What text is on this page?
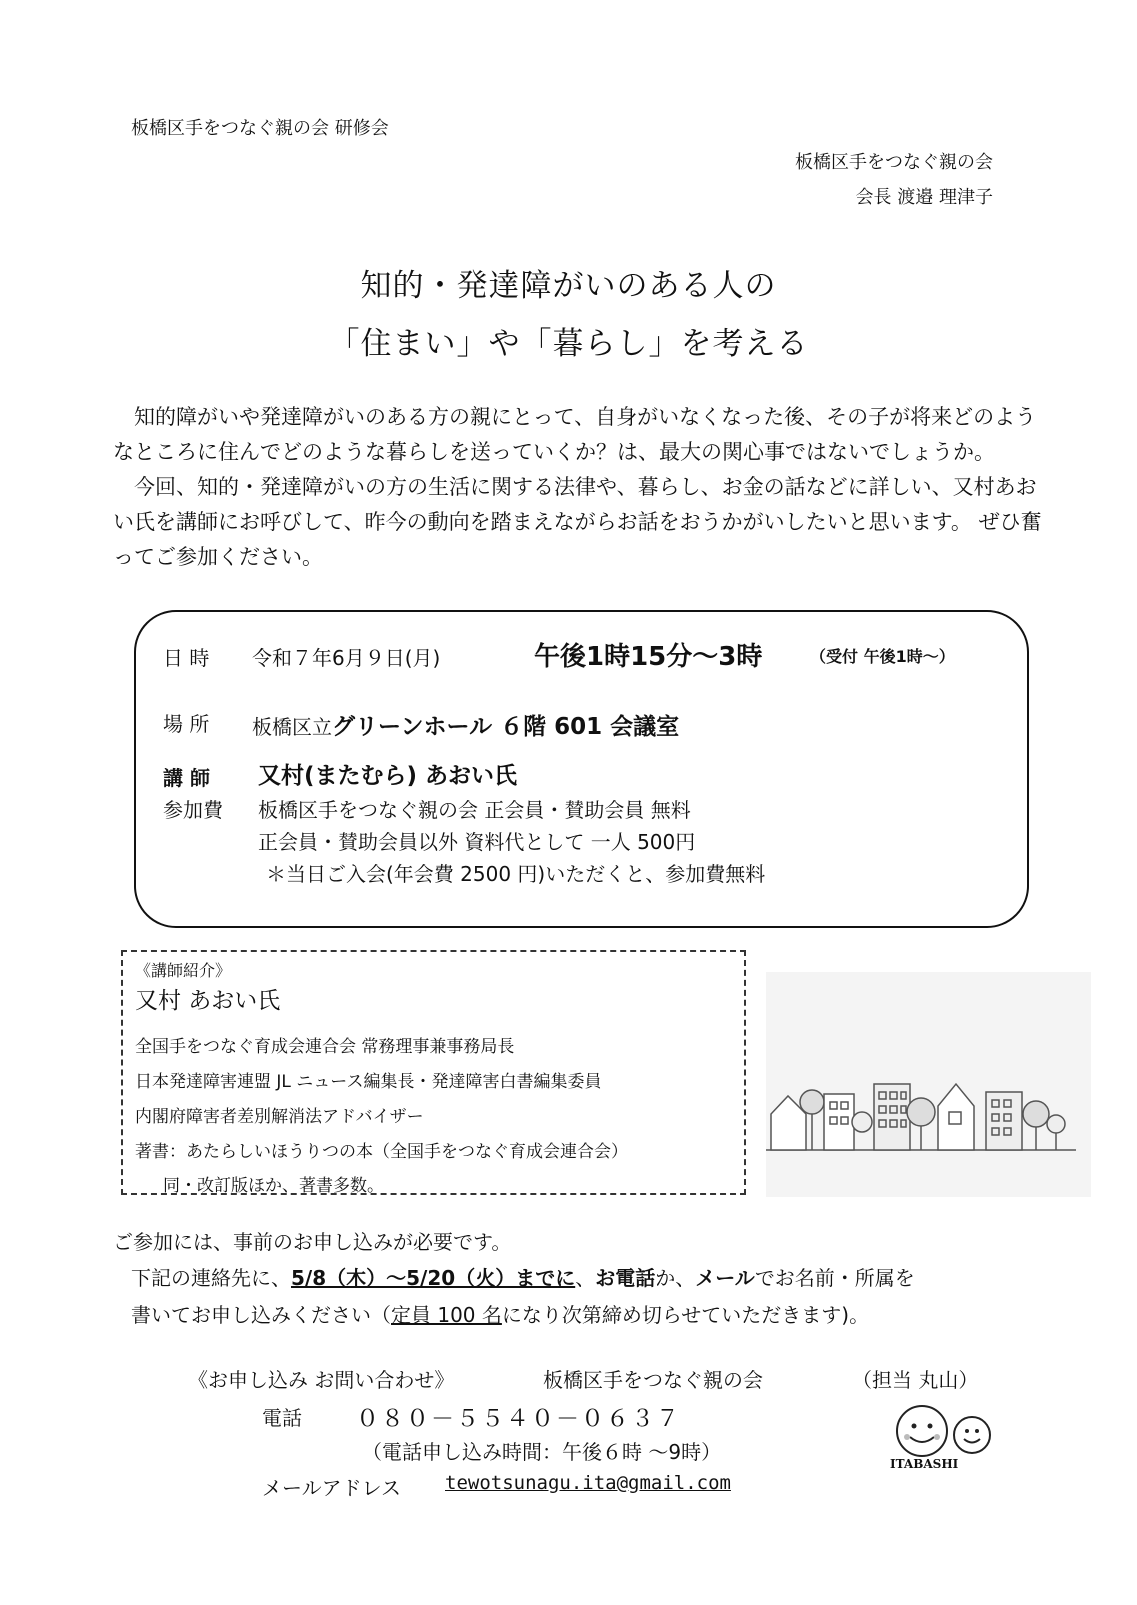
板橋区手をつなぐ親の会 研修会
板橋区手をつなぐ親の会
会長 渡邉 理津子
知的・発達障がいのある人の
「住まい」や「暮らし」を考える

知的障がいや発達障がいのある方の親にとって、自身がいなくなった後、その子が将来どのようなところに住んでどのような暮らしを送っていくか？は、最大の関心事ではないでしょうか。

今回、知的・発達障がいの方の生活に関する法律や、暮らし、お金の話などに詳しい、又村あおい氏を講師にお呼びして、昨今の動向を踏まえながらお話をおうかがいしたいと思います。 ぜひ奮ってご参加ください。

日 時 令和７年6月９日(月)	午後1時15分～3時	（受付 午後1時～）
場 所 板橋区立グリーンホール ６階 601 会議室
講 師 又村(またむら) あおい氏
参加費 板橋区手をつなぐ親の会 正会員・賛助会員 無料
正会員・賛助会員以外 資料代として 一人 500円
＊当日ご入会(年会費 2500 円)いただくと、参加費無料
《講師紹介》
又村 あおい氏
全国手をつなぐ育成会連合会 常務理事兼事務局長
日本発達障害連盟 JL ニュース編集長・発達障害白書編集委員
内閣府障害者差別解消法アドバイザー
著書：あたらしいほうりつの本（全国手をつなぐ育成会連合会）
同・改訂版ほか、著書多数。
ご参加には、事前のお申し込みが必要です。
下記の連絡先に、5/8（木）～5/20（火）までに、お電話か、メールでお名前・所属を
書いてお申し込みください（定員 100 名になり次第締め切らせていただきます)。
《お申し込み お問い合わせ》	板橋区手をつなぐ親の会	（担当 丸山）
電話 ０８０－５５４０－０６３７
（電話申し込み時間：午後６時 ～9時）
メールアドレス tewotsunagu.ita@gmail.com
ITABASHI
